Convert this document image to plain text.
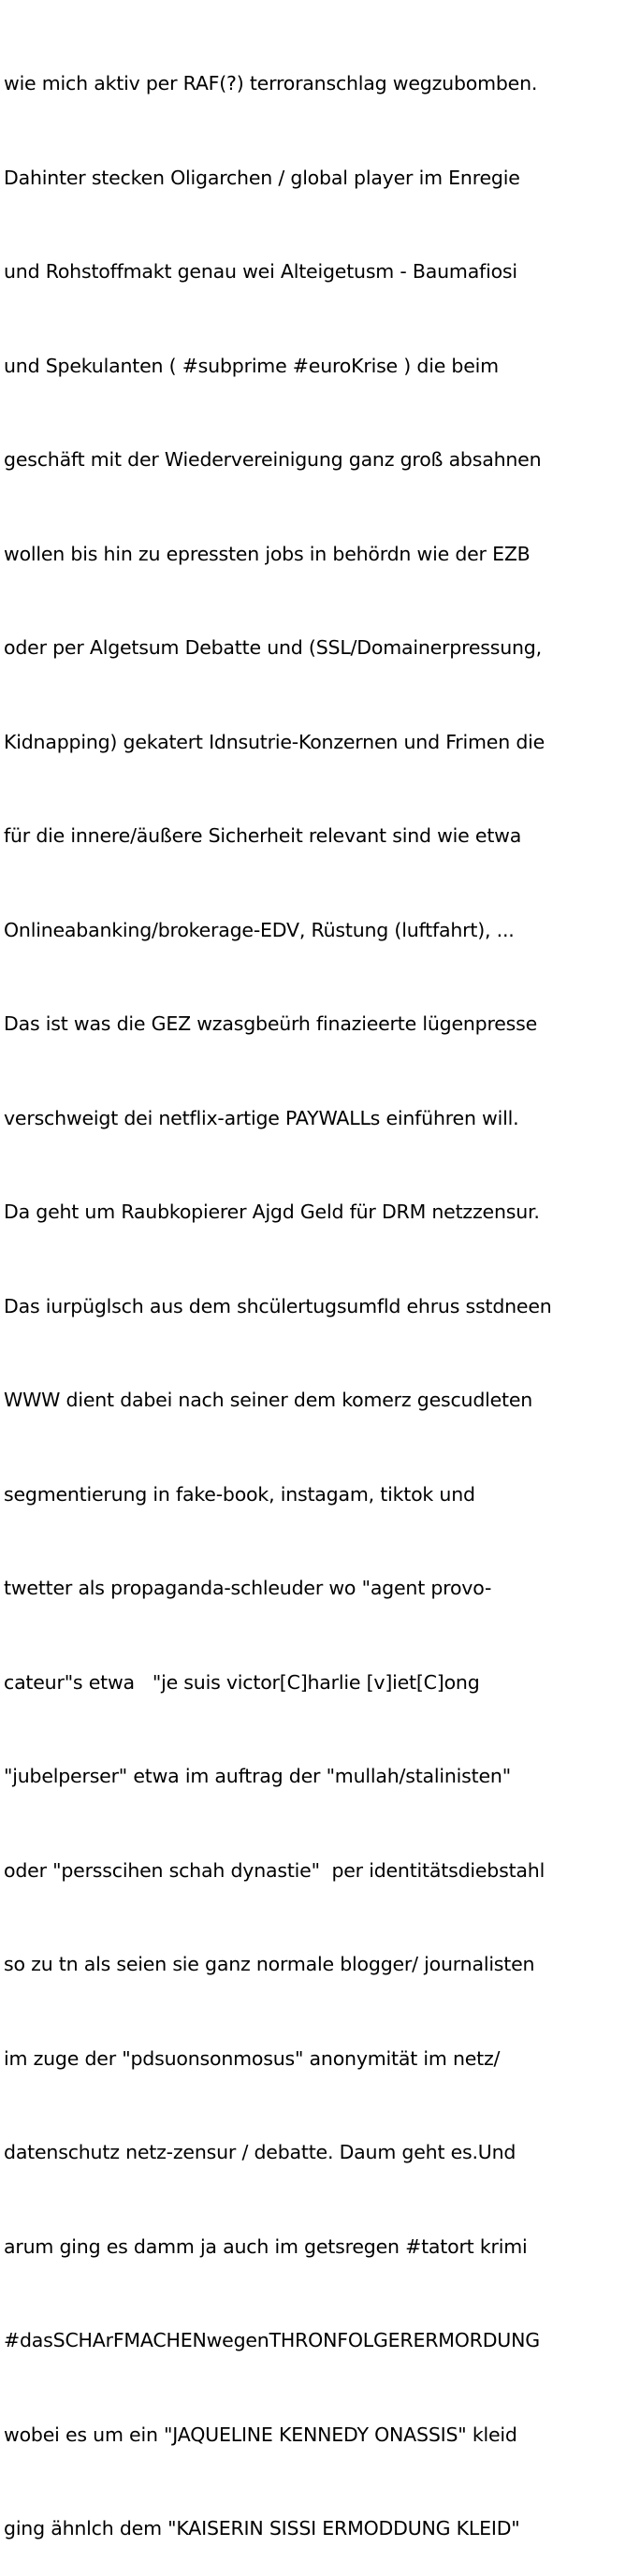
wie mich aktiv per RAF(?) terroranschlag wegzubomben.

Dahinter stecken Oligarchen / global player im Enregie

und Rohstoffmakt genau wei Alteigetusm - Baumafiosi

und Spekulanten ( #subprime #euroKrise ) die beim

geschäft mit der Wiedervereinigung ganz groß absahnen

wollen bis hin zu epressten jobs in behördn wie der EZB

oder per Algetsum Debatte und (SSL/Domainerpressung,

Kidnapping) gekatert Idnsutrie-Konzernen und Frimen die

für die innere/äußere Sicherheit relevant sind wie etwa

Onlineabanking/brokerage-EDV, Rüstung (luftfahrt), ...

Das ist was die GEZ wzasgbeürh finazieerte lügenpresse

verschweigt dei netflix-artige PAYWALLs einführen will.

Da geht um Raubkopierer Ajgd Geld für DRM netzzensur.

Das iurpüglsch aus dem shcülertugsumfld ehrus sstdneen

WWW dient dabei nach seiner dem komerz gescudleten

segmentierung in fake-book, instagam, tiktok und

twetter als propaganda-schleuder wo "agent provo-

cateur"s etwa   "je suis victor[C]harlie [v]iet[C]ong

"jubelperser" etwa im auftrag der "mullah/stalinisten"

oder "persscihen schah dynastie"  per identitätsdiebstahl

so zu tn als seien sie ganz normale blogger/ journalisten

im zuge der "pdsuonsonmosus" anonymität im netz/

datenschutz netz-zensur / debatte. Daum geht es.Und

arum ging es damm ja auch im getsregen #tatort krimi

#dasSCHArFMACHENwegenTHRONFOLGERERMORDUNG

wobei es um ein "JAQUELINE KENNEDY ONASSIS" kleid

ging ähnlch dem "KAISERIN SISSI ERMODDUNG KLEID"
